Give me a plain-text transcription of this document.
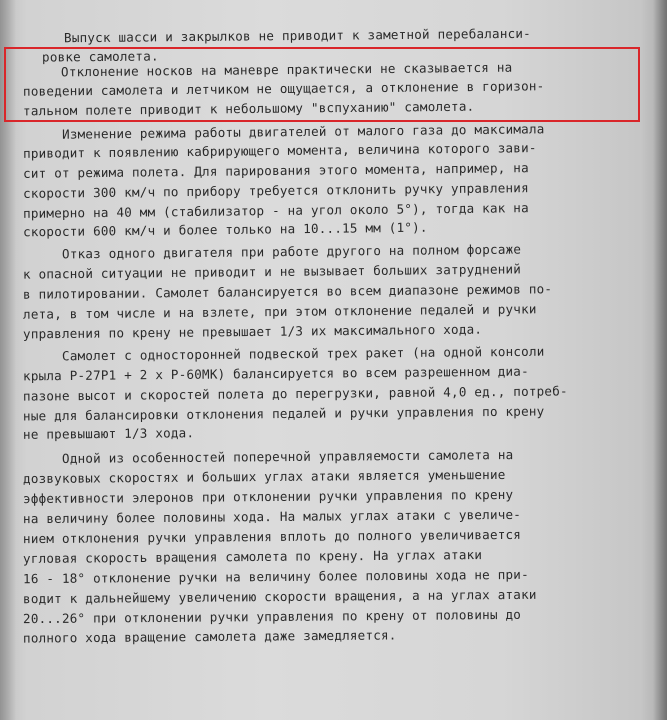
Выпуск шасси и закрылков не приводит к заметной перебаланси-
ровке самолета.
Отклонение носков на маневре практически не сказывается на
поведении самолета и летчиком не ощущается, а отклонение в горизон-
тальном полете приводит к небольшому "вспуханию" самолета.
Изменение режима работы двигателей от малого газа до максимала
приводит к появлению кабрирующего момента, величина которого зави-
сит от режима полета. Для парирования этого момента, например, на
скорости 300 км/ч по прибору требуется отклонить ручку управления
примерно на 40 мм (стабилизатор - на угол около 5°), тогда как на
скорости 600 км/ч и более только на 10...15 мм (1°).
Отказ одного двигателя при работе другого на полном форсаже
к опасной ситуации не приводит и не вызывает больших затруднений
в пилотировании. Самолет балансируется во всем диапазоне режимов по-
лета, в том числе и на взлете, при этом отклонение педалей и ручки
управления по крену не превышает 1/3 их максимального хода.
Самолет с односторонней подвеской трех ракет (на одной консоли
крыла Р-27Р1 + 2 х Р-60МК) балансируется во всем разрешенном диа-
пазоне высот и скоростей полета до перегрузки, равной 4,0 ед., потреб-
ные для балансировки отклонения педалей и ручки управления по крену
не превышают 1/3 хода.
Одной из особенностей поперечной управляемости самолета на
дозвуковых скоростях и больших углах атаки является уменьшение
эффективности элеронов при отклонении ручки управления по крену
на величину более половины хода. На малых углах атаки с увеличе-
нием отклонения ручки управления вплоть до полного увеличивается
угловая скорость вращения самолета по крену. На углах атаки
16 - 18° отклонение ручки на величину более половины хода не при-
водит к дальнейшему увеличению скорости вращения, а на углах атаки
20...26° при отклонении ручки управления по крену от половины до
полного хода вращение самолета даже замедляется.
